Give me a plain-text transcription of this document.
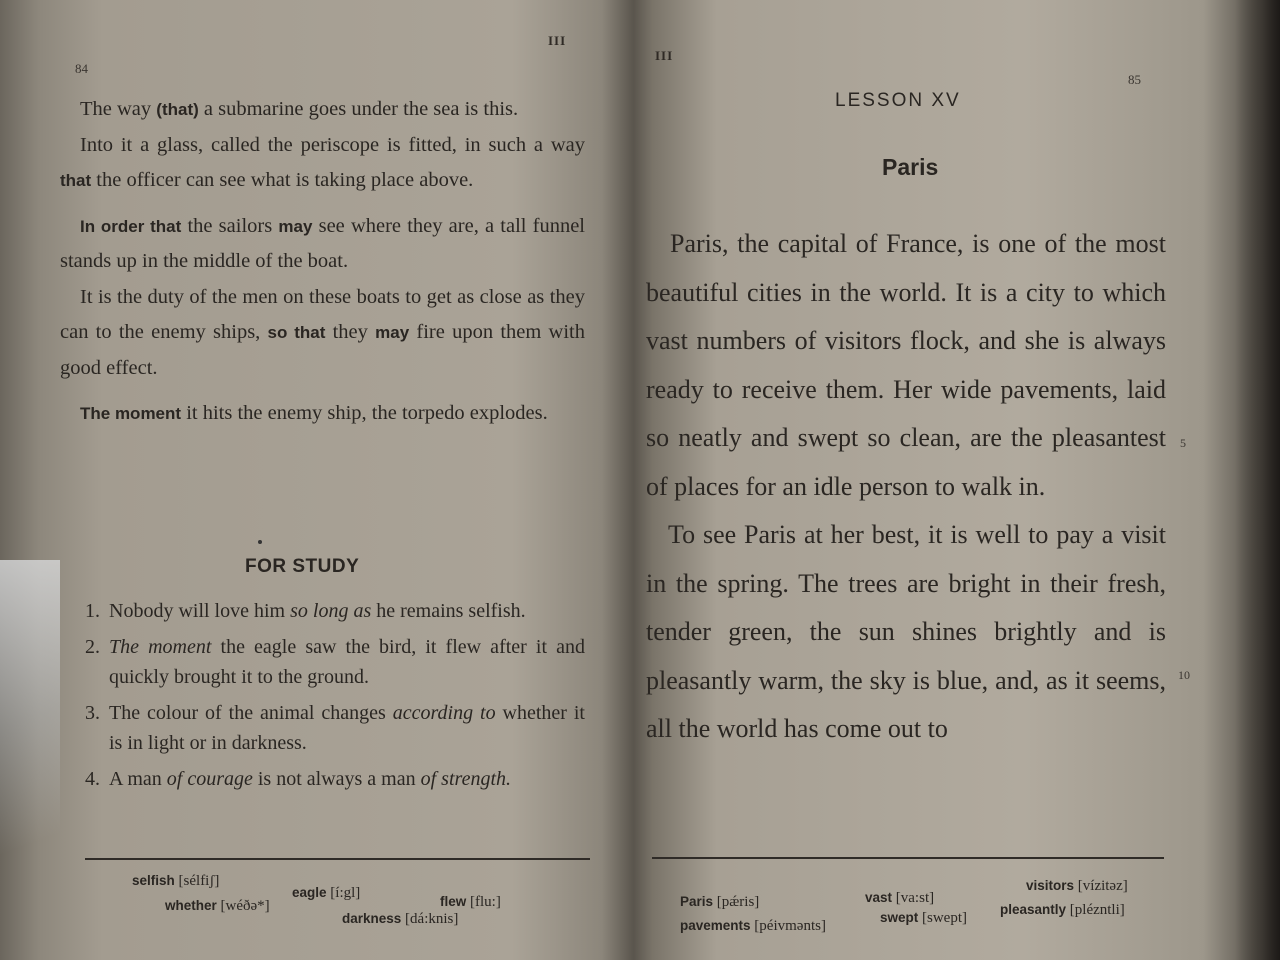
84
III

The way (that) a submarine goes under the sea is this.

Into it a glass, called the periscope is fitted, in such a way that the officer can see what is taking place above.

In order that the sailors may see where they are, a tall funnel stands up in the middle of the boat.

It is the duty of the men on these boats to get as close as they can to the enemy ships, so that they may fire upon them with good effect.

The moment it hits the enemy ship, the torpedo explodes.

FOR STUDY
1. Nobody will love him so long as he remains selfish.
2. The moment the eagle saw the bird, it flew after it and quickly brought it to the ground.
3. The colour of the animal changes according to whether it is in light or in darkness.
4. A man of courage is not always a man of strength.
selfish [sélfiʃ]
whether [wéðə*]
eagle [í:gl]
darkness [dá:knis]
flew [flu:]
III
85
LESSON XV
Paris

Paris, the capital of France, is one of the most beautiful cities in the world. It is a city to which vast numbers of visitors flock, and she is always ready to receive them. Her wide pavements, laid so neatly and swept so clean, are the pleasantest of places for an idle person to walk in.

To see Paris at her best, it is well to pay a visit in the spring. The trees are bright in their fresh, tender green, the sun shines brightly and is pleasantly warm, the sky is blue, and, as it seems, all the world has come out to

5
10
Paris [pǽris]
pavements [péivmənts]
vast [va:st]
swept [swept]
visitors [vízitəz]
pleasantly [pléznt​li]
